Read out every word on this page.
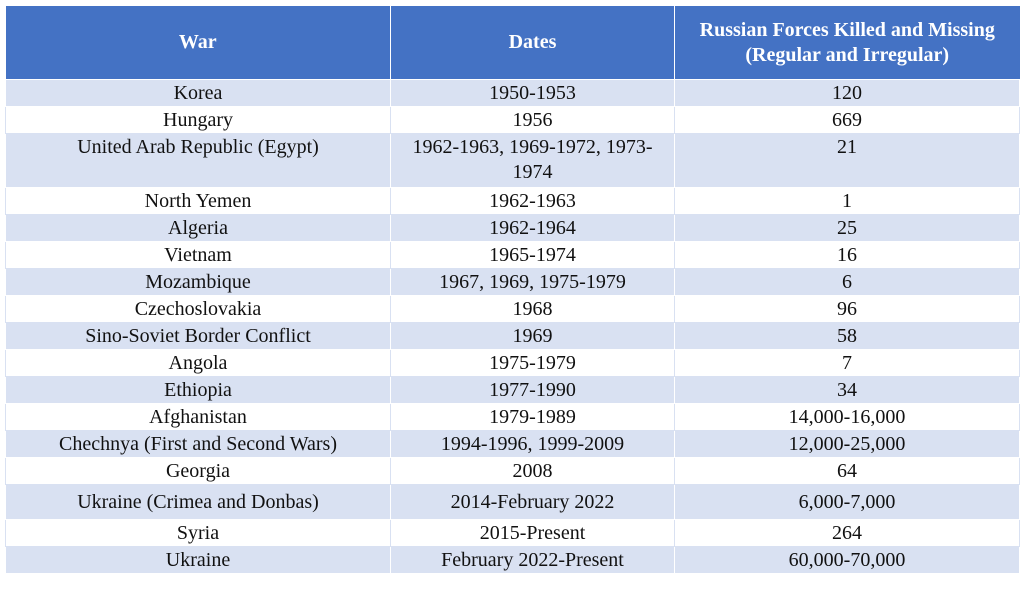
War	Dates	Russian Forces Killed and Missing (Regular and Irregular)
Korea	1950-1953	120
Hungary	1956	669
United Arab Republic (Egypt)	1962-1963, 1969-1972, 1973-1974	21
North Yemen	1962-1963	1
Algeria	1962-1964	25
Vietnam	1965-1974	16
Mozambique	1967, 1969, 1975-1979	6
Czechoslovakia	1968	96
Sino-Soviet Border Conflict	1969	58
Angola	1975-1979	7
Ethiopia	1977-1990	34
Afghanistan	1979-1989	14,000-16,000
Chechnya (First and Second Wars)	1994-1996, 1999-2009	12,000-25,000
Georgia	2008	64
Ukraine (Crimea and Donbas)	2014-February 2022	6,000-7,000
Syria	2015-Present	264
Ukraine	February 2022-Present	60,000-70,000
